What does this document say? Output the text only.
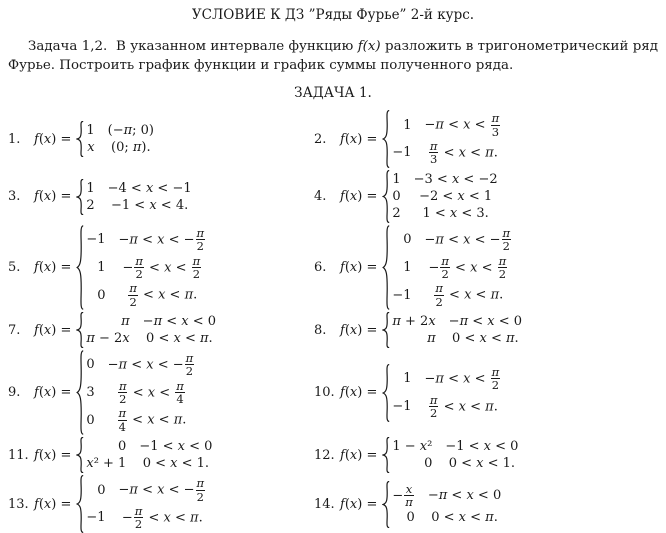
УСЛОВИЕ К ДЗ ”Ряды Фурье” 2-й курс.

Задача 1,2.  В указанном интервале функцию f(x) разложить в тригонометрический ряд Фурье. Построить график функции и график суммы полученного ряда.

ЗАДАЧА 1.
1.	f(x) =
1	(−π; 0)
x	(0; π).
2.	f(x) =
1	$-\pi < x < \frac{\pi}{3}$

−1	$\frac{\pi}{3} < x < \pi$.
3.	f(x) =
1	−4 < x < −1
2	−1 < x < 4.
4.	f(x) =
1	−3 < x < −2
0	−2 < x < 1
2	1 < x < 3.
5.	f(x) =
−1	−π < x < − $\frac{\pi}{2}$

1	− $\frac{\pi}{2} < x < \frac{\pi}{2}$

0	$\frac{\pi}{2} < x < \pi$.
6.	f(x) =
0	−π < x < − $\frac{\pi}{2}$

1	− $\frac{\pi}{2} < x < \frac{\pi}{2}$

−1	$\frac{\pi}{2} < x < \pi$.
7.	f(x) =
π	−π < x < 0
π − 2x	0 < x < π.
8.	f(x) =
π + 2x	−π < x < 0
π	0 < x < π.
9.	f(x) =
0	−π < x < − $\frac{\pi}{2}$

3	$\frac{\pi}{2} < x < \frac{\pi}{4}$

0	$\frac{\pi}{4} < x < \pi$.
10. f(x) =
1	$-\pi < x < \frac{\pi}{2}$

−1	$\frac{\pi}{2} < x < \pi$.
11. f(x) =
0	−1 < x < 0
x² + 1	0 < x < 1.
12. f(x) =
1 − x²	−1 < x < 0
0	0 < x < 1.
13. f(x) =
0	−π < x < − $\frac{\pi}{2}$

−1	− $\frac{\pi}{2} < x < \pi$.
14. f(x) =
− $\frac{x}{\pi}$	−π < x < 0
0	0 < x < π.
